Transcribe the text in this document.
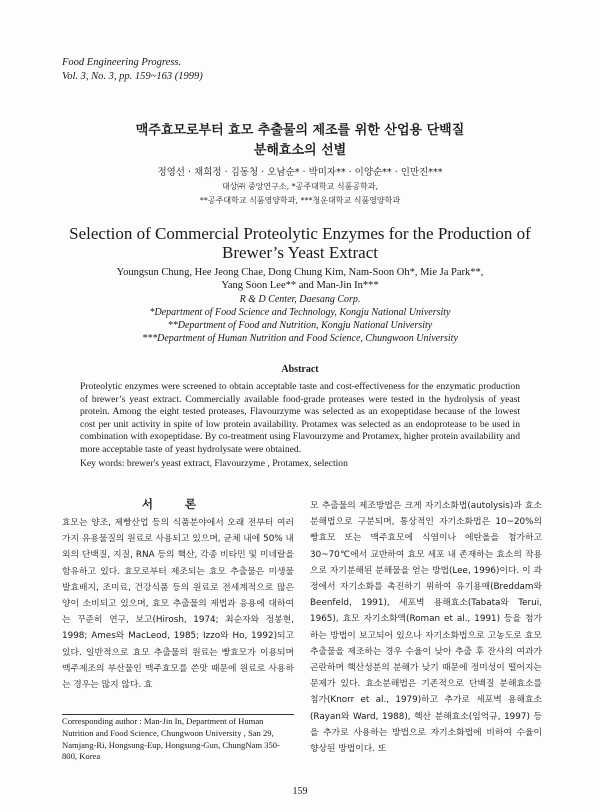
Food Engineering Progress.
Vol. 3, No. 3, pp. 159~163 (1999)
맥주효모로부터 효모 추출물의 제조를 위한 산업용 단백질
분해효소의 선별
정영선 · 채희정 · 김동청 · 오남순* · 박미자** · 이양순** · 인만진***
대상㈜ 중앙연구소, *공주대학교 식품공학과,
**공주대학교 식품영양학과, ***청운대학교 식품영양학과
Selection of Commercial Proteolytic Enzymes for the Production of
Brewer’s Yeast Extract
Youngsun Chung, Hee Jeong Chae, Dong Chung Kim, Nam-Soon Oh*, Mie Ja Park**,
Yang Soon Lee** and Man-Jin In***
R & D Center, Daesang Corp.
*Department of Food Science and Technology, Kongju National University
**Department of Food and Nutrition, Kongju National University
***Department of Human Nutrition and Food Science, Chungwoon University
Abstract
Proteolytic enzymes were screened to obtain acceptable taste and cost-effectiveness for the enzymatic production of brewer’s yeast extract. Commercially available food-grade proteases were tested in the hydrolysis of yeast protein. Among the eight tested proteases, Flavourzyme was selected as an exopeptidase because of the lowest cost per unit activity in spite of low protein availability. Protamex was selected as an endoprotease to be used in combination with exopeptidase. By co-treatment using Flavourzyme and Protamex, higher protein availability and more acceptable taste of yeast hydrolysate were obtained.
Key words: brewer's yeast extract, Flavourzyme , Protamex, selection
서 론
효모는 양조, 제빵산업 등의 식품분야에서 오래 전부터 여러 가지 유용물질의 원료로 사용되고 있으며, 균체 내에 50% 내외의 단백질, 지질, RNA 등의 핵산, 각종 비타민 및 미네랄을 함유하고 있다. 효모로부터 제조되는 효모 추출물은 미생물 발효배지, 조미료, 건강식품 등의 원료로 전세계적으로 많은 양이 소비되고 있으며, 효모 추출물의 제법과 응용에 대하여는 꾸준히 연구, 보고(Hirosh, 1974; 최순자와 정봉현, 1998; Ames와 MacLeod, 1985; Izzo와 Ho, 1992)되고 있다. 일반적으로 효모 추출물의 원료는 빵효모가 이용되며 맥주제조의 부산물인 맥주효모를 쓴맛 때문에 원료로 사용하는 경우는 많지 않다. 효
모 추출물의 제조방법은 크게 자기소화법(autolysis)과 효소분해법으로 구분되며, 통상적인 자기소화법은 10~20%의 빵효모 또는 맥주효모에 식염이나 에탄올을 첨가하고 30~70℃에서 교반하여 효모 세포 내 존재하는 효소의 작용으로 자기분해된 분해물을 얻는 방법(Lee, 1996)이다. 이 과정에서 자기소화를 촉진하기 위하여 유기용매(Breddam와 Beenfeld, 1991), 세포벽 용해효소(Tabata와 Terui, 1965), 효모 자기소화액(Roman et al., 1991) 등을 첨가하는 방법이 보고되어 있으나 자기소화법으로 고농도로 효모 추출물을 제조하는 경우 수율이 낮아 추출 후 잔사의 여과가 곤란하며 핵산성분의 분해가 낮기 때문에 정미성이 떨어지는 문제가 있다. 효소분해법은 기존적으로 단백질 분해효소를 첨가(Knorr et al., 1979)하고 추가로 세포벽 용해효소(Rayan와 Ward, 1988), 핵산 분해효소(임억규, 1997) 등을 추가로 사용하는 방법으로 자기소화법에 비하여 수율이 향상된 방법이다. 또
Corresponding author : Man-Jin In, Department of Human Nutrition and Food Science, Chungwoon University , San 29, Namjang-Ri, Hongsung-Eup, Hongsung-Gun, ChungNam 350-800, Korea
159
